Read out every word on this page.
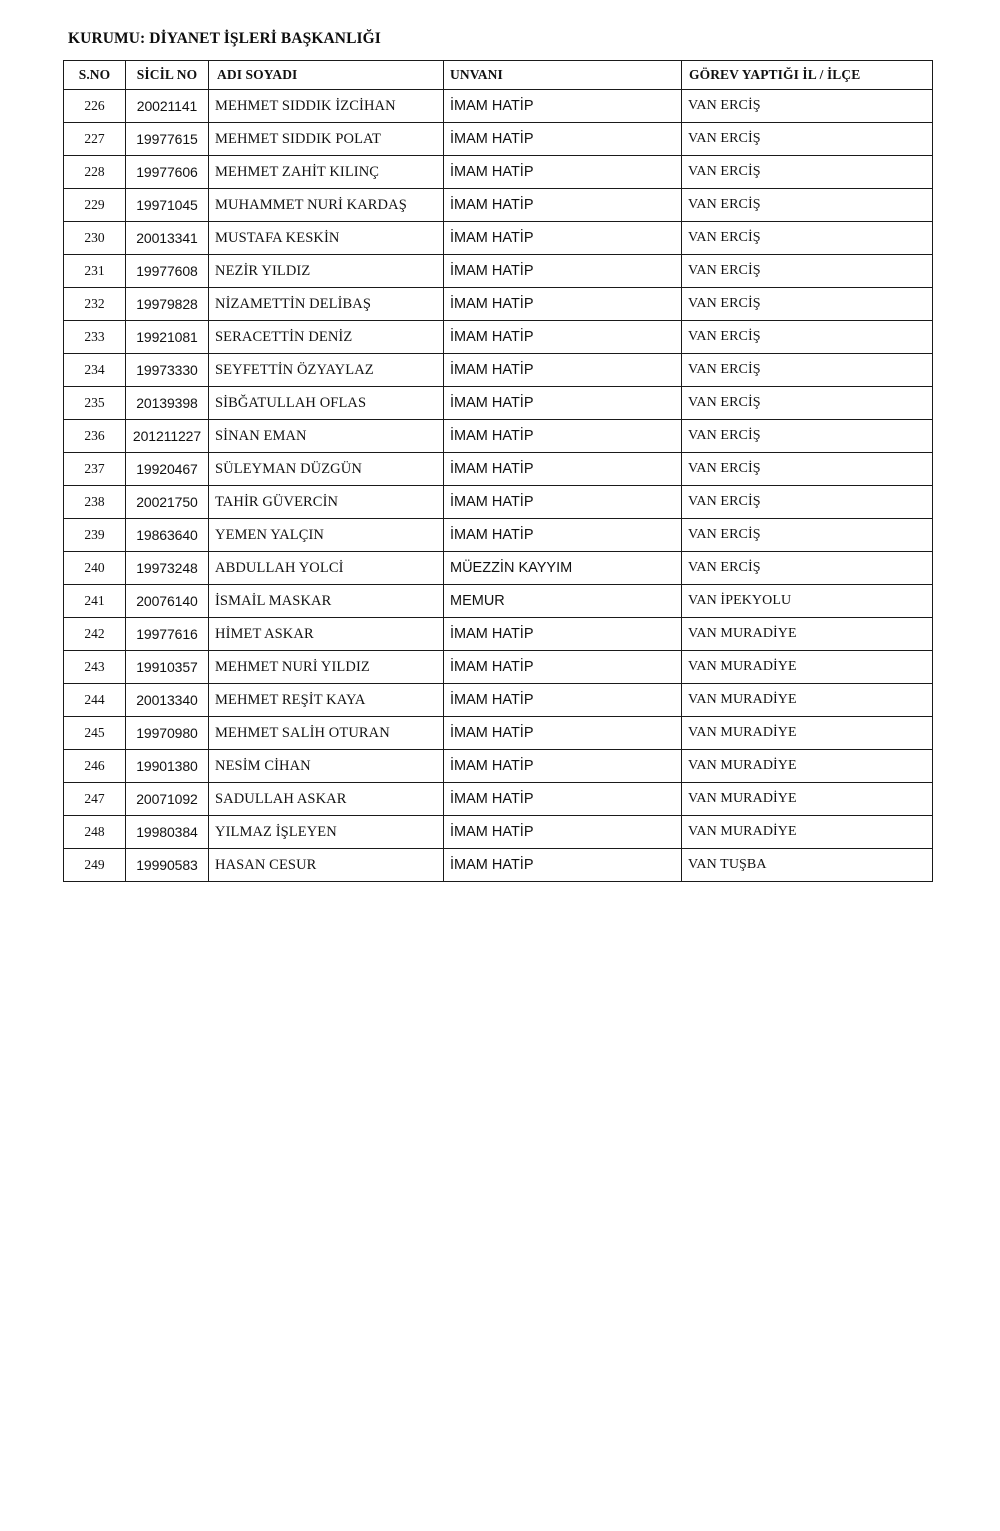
KURUMU: DİYANET İŞLERİ BAŞKANLIĞI
S.NO	SİCİL NO	ADI SOYADI	UNVANI	GÖREV YAPTIĞI İL / İLÇE
226	20021141	MEHMET SIDDIK İZCİHAN	İMAM HATİP	VAN ERCİŞ
227	19977615	MEHMET SIDDIK POLAT	İMAM HATİP	VAN ERCİŞ
228	19977606	MEHMET ZAHİT KILINÇ	İMAM HATİP	VAN ERCİŞ
229	19971045	MUHAMMET NURİ KARDAŞ	İMAM HATİP	VAN ERCİŞ
230	20013341	MUSTAFA KESKİN	İMAM HATİP	VAN ERCİŞ
231	19977608	NEZİR YILDIZ	İMAM HATİP	VAN ERCİŞ
232	19979828	NİZAMETTİN DELİBAŞ	İMAM HATİP	VAN ERCİŞ
233	19921081	SERACETTİN DENİZ	İMAM HATİP	VAN ERCİŞ
234	19973330	SEYFETTİN ÖZYAYLAZ	İMAM HATİP	VAN ERCİŞ
235	20139398	SİBĞATULLAH OFLAS	İMAM HATİP	VAN ERCİŞ
236	201211227	SİNAN EMAN	İMAM HATİP	VAN ERCİŞ
237	19920467	SÜLEYMAN DÜZGÜN	İMAM HATİP	VAN ERCİŞ
238	20021750	TAHİR GÜVERCİN	İMAM HATİP	VAN ERCİŞ
239	19863640	YEMEN YALÇIN	İMAM HATİP	VAN ERCİŞ
240	19973248	ABDULLAH YOLCİ	MÜEZZİN KAYYIM	VAN ERCİŞ
241	20076140	İSMAİL MASKAR	MEMUR	VAN İPEKYOLU
242	19977616	HİMET ASKAR	İMAM HATİP	VAN MURADİYE
243	19910357	MEHMET NURİ YILDIZ	İMAM HATİP	VAN MURADİYE
244	20013340	MEHMET REŞİT KAYA	İMAM HATİP	VAN MURADİYE
245	19970980	MEHMET SALİH OTURAN	İMAM HATİP	VAN MURADİYE
246	19901380	NESİM CİHAN	İMAM HATİP	VAN MURADİYE
247	20071092	SADULLAH ASKAR	İMAM HATİP	VAN MURADİYE
248	19980384	YILMAZ İŞLEYEN	İMAM HATİP	VAN MURADİYE
249	19990583	HASAN CESUR	İMAM HATİP	VAN TUŞBA
